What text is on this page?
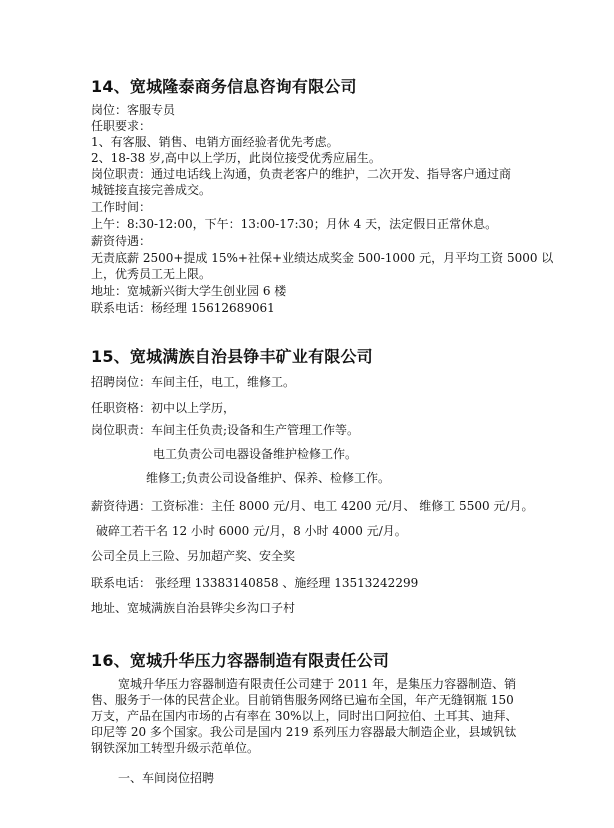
14、宽城隆泰商务信息咨询有限公司
岗位：客服专员
任职要求：
1、有客服、销售、电销方面经验者优先考虑。
2、18-38 岁,高中以上学历，此岗位接受优秀应届生。
岗位职责：通过电话线上沟通，负责老客户的维护，二次开发、指导客户通过商
城链接直接完善成交。
工作时间：
上午：8:30-12:00，下午：13:00-17:30；月休 4 天，法定假日正常休息。
薪资待遇：
无责底薪 2500+提成 15%+社保+业绩达成奖金 500-1000 元，月平均工资 5000 以
上，优秀员工无上限。
地址：宽城新兴街大学生创业园 6 楼
联系电话：杨经理 15612689061
15、宽城满族自治县铮丰矿业有限公司
招聘岗位：车间主任，电工，维修工。
任职资格：初中以上学历，
岗位职责：车间主任负责;设备和生产管理工作等。
电工负责公司电器设备维护检修工作。
维修工;负责公司设备维护、保养、检修工作。
薪资待遇：工资标准：主任 8000 元/月、电工 4200 元/月、 维修工 5500 元/月。
破碎工若干名 12 小时 6000 元/月，8 小时 4000 元/月。
公司全员上三险、另加超产奖、安全奖
联系电话： 张经理 13383140858 、施经理 13513242299
地址、宽城满族自治县铧尖乡沟口子村
16、宽城升华压力容器制造有限责任公司
宽城升华压力容器制造有限责任公司建于 2011 年，是集压力容器制造、销
售、服务于一体的民营企业。目前销售服务网络已遍布全国，年产无缝钢瓶 150
万支，产品在国内市场的占有率在 30%以上，同时出口阿拉伯、土耳其、迪拜、
印尼等 20 多个国家。我公司是国内 219 系列压力容器最大制造企业，县域钒钛
钢铁深加工转型升级示范单位。
一、车间岗位招聘
